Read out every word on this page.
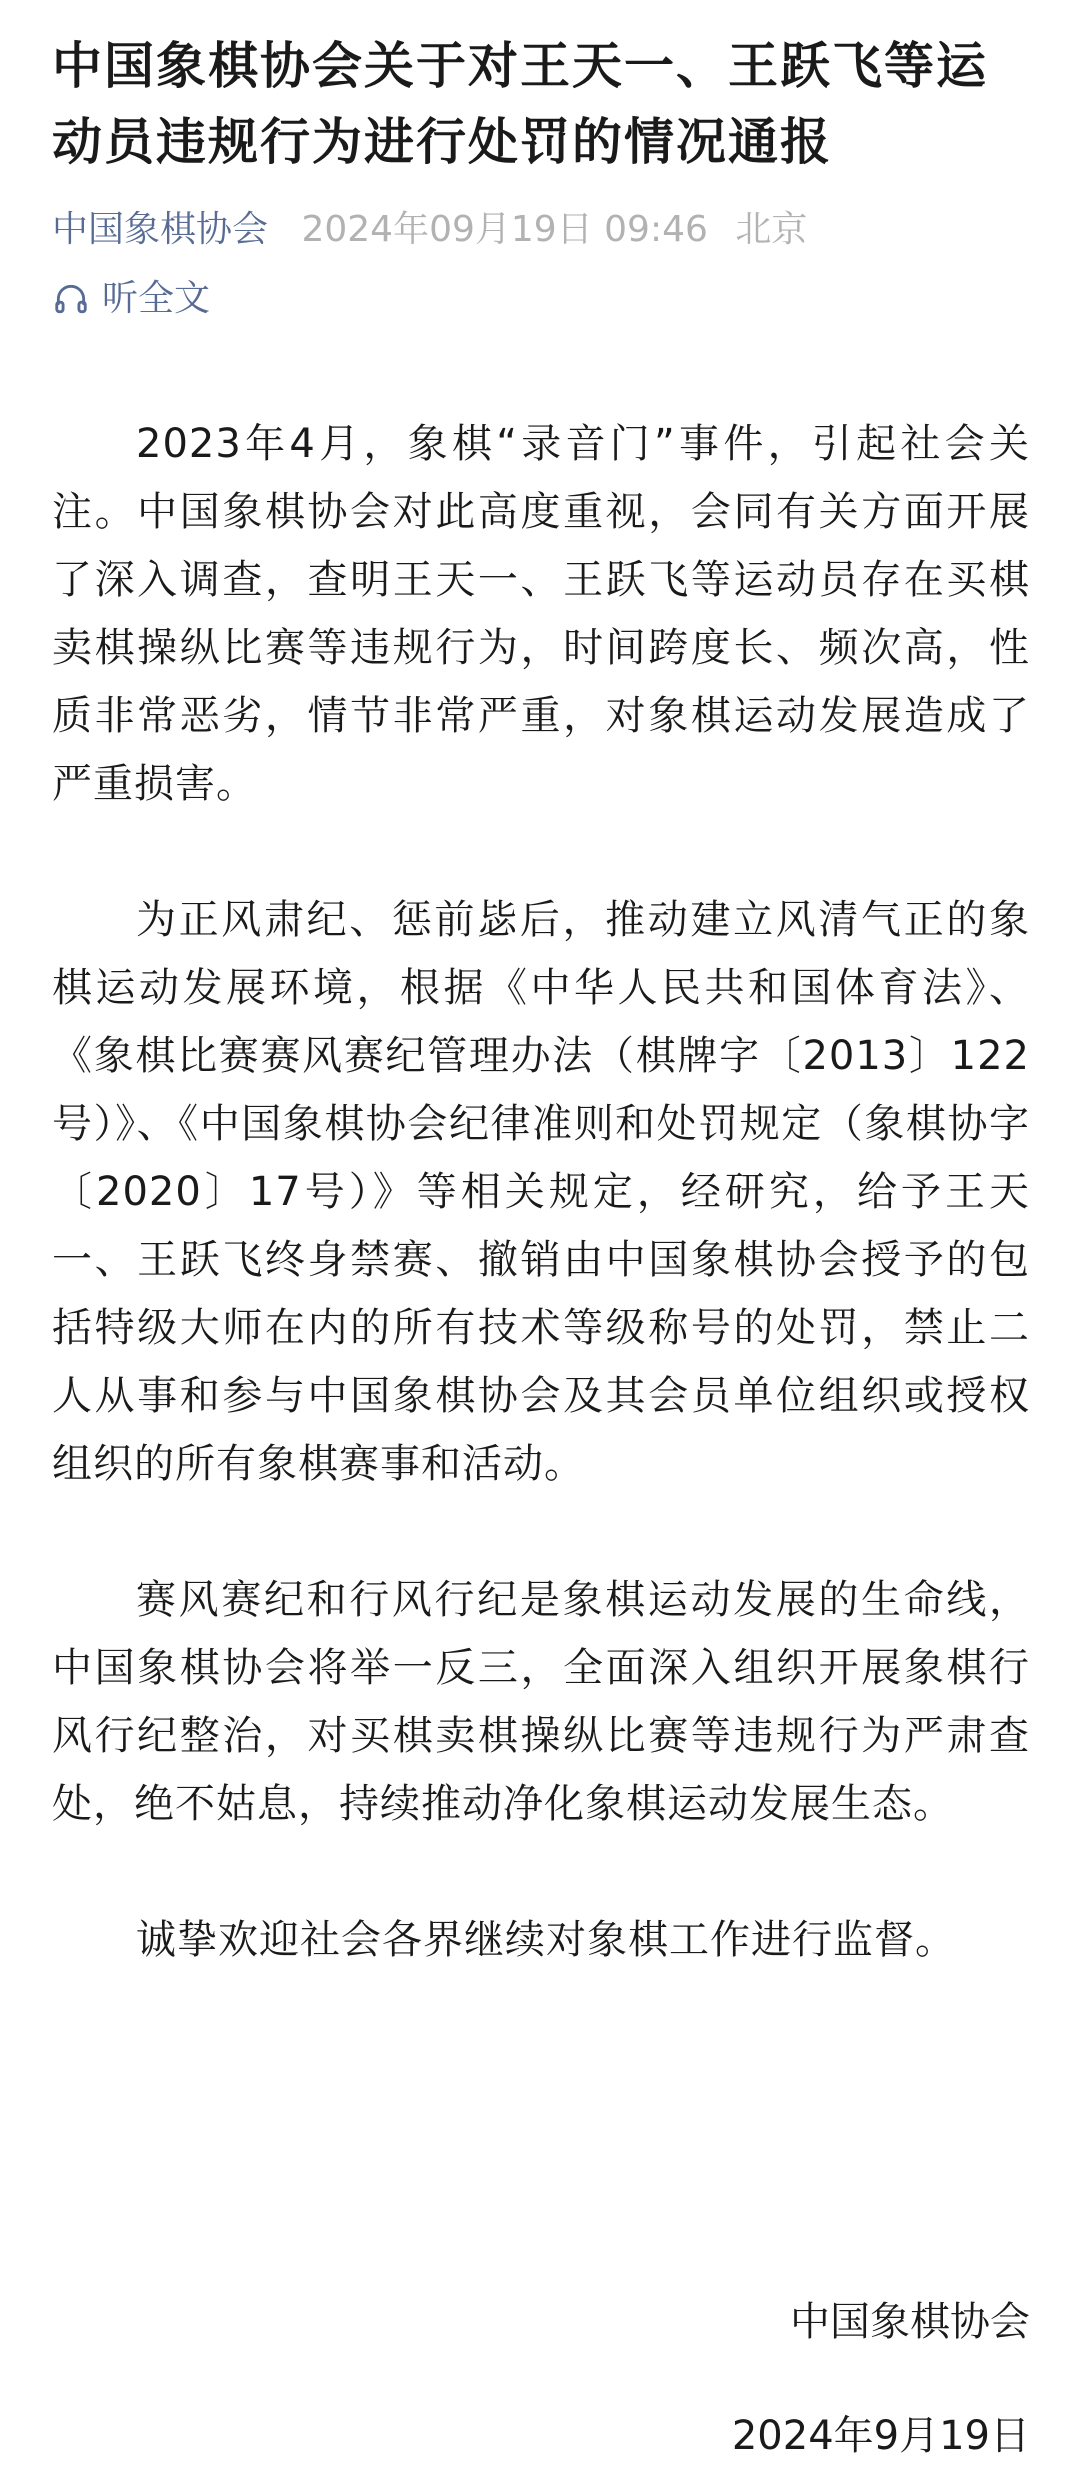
中国象棋协会关于对王天一、王跃飞等运动员违规行为进行处罚的情况通报
中国象棋协会 2024年09月19日 09:46 北京
听全文

2023年4月，象棋“录音门”事件，引起社会关注。中国象棋协会对此高度重视，会同有关方面开展了深入调查，查明王天一、王跃飞等运动员存在买棋卖棋操纵比赛等违规行为，时间跨度长、频次高，性质非常恶劣，情节非常严重，对象棋运动发展造成了严重损害。

为正风肃纪、惩前毖后，推动建立风清气正的象棋运动发展环境，根据《中华人民共和国体育法》、《象棋比赛赛风赛纪管理办法（棋牌字〔2013〕122号）》、《中国象棋协会纪律准则和处罚规定（象棋协字〔2020〕17号）》等相关规定，经研究，给予王天一、王跃飞终身禁赛、撤销由中国象棋协会授予的包括特级大师在内的所有技术等级称号的处罚，禁止二人从事和参与中国象棋协会及其会员单位组织或授权组织的所有象棋赛事和活动。

赛风赛纪和行风行纪是象棋运动发展的生命线，中国象棋协会将举一反三，全面深入组织开展象棋行风行纪整治，对买棋卖棋操纵比赛等违规行为严肃查处，绝不姑息，持续推动净化象棋运动发展生态。

诚挚欢迎社会各界继续对象棋工作进行监督。

中国象棋协会
2024年9月19日
